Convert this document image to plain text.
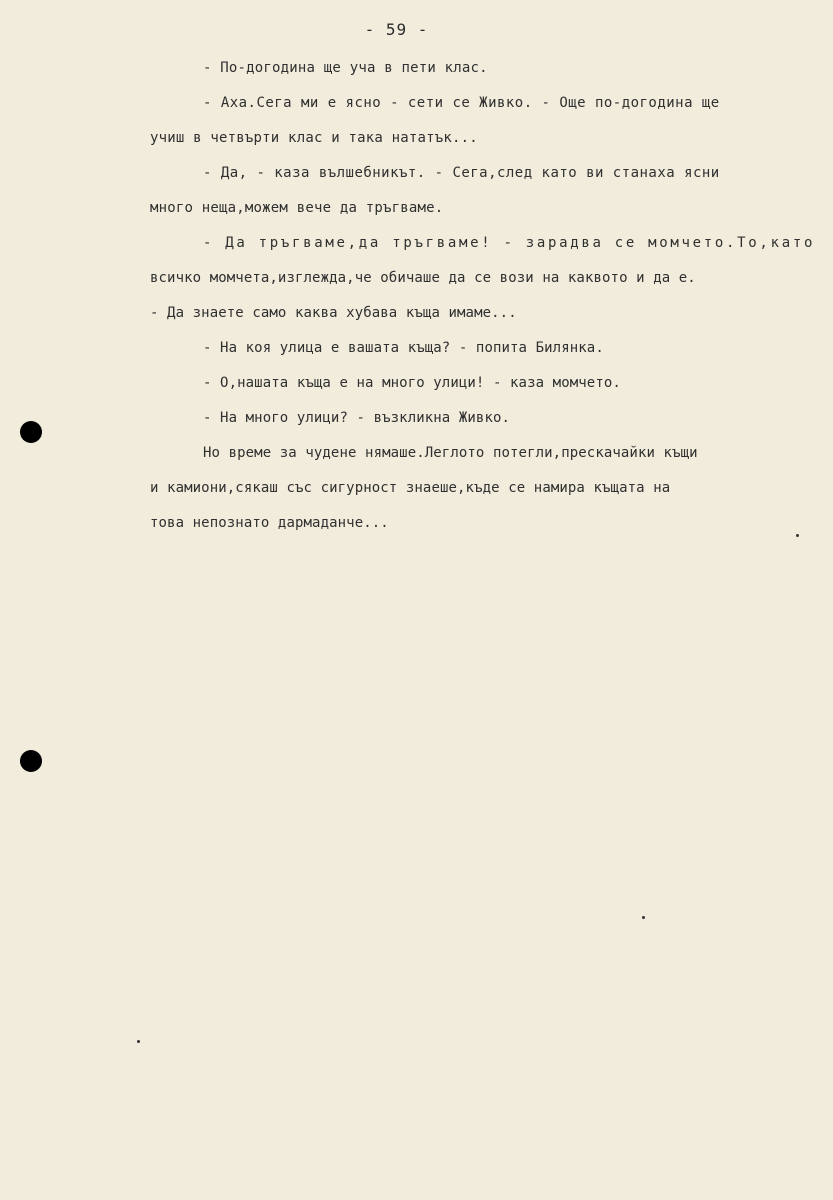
- 59 -
- По-догодина ще уча в пети клас.
- Аха.Сега ми е ясно - сети се Живко. - Още по-догодина ще
учиш в четвърти клас и така нататък...
- Да, - каза вълшебникът. - Сега,след като ви станаха ясни
много неща,можем вече да тръгваме.
- Да тръгваме,да тръгваме! - зарадва се момчето.То,като
всичко момчета,изглежда,че обичаше да се вози на каквото и да е.
- Да знаете само каква хубава къща имаме...
- На коя улица е вашата къща? - попита Билянка.
- О,нашата къща е на много улици! - каза момчето.
- На много улици? - възкликна Живко.
Но време за чудене нямаше.Леглото потегли,прескачайки къщи
и камиони,сякаш със сигурност знаеше,къде се намира къщата на
това непознато дармаданче...
